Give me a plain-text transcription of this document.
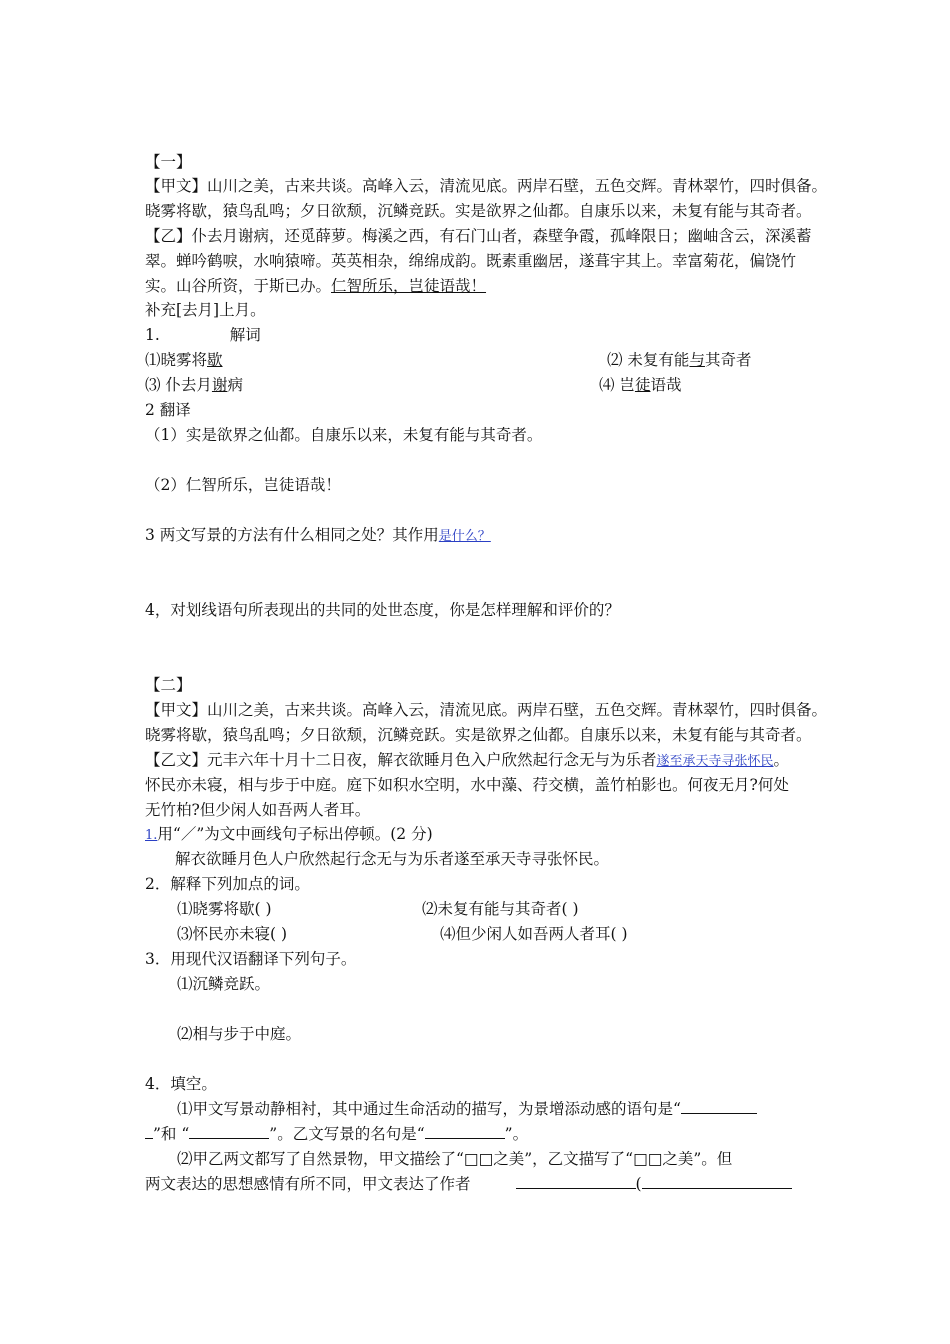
【一】
【甲文】山川之美，古来共谈。高峰入云，清流见底。两岸石壁，五色交辉。青林翠竹，四时俱备。
晓雾将歇，猿鸟乱鸣；夕日欲颓，沉鳞竞跃。实是欲界之仙都。自康乐以来，未复有能与其奇者。
【乙】仆去月谢病，还觅薛萝。梅溪之西，有石门山者，森壁争霞，孤峰限日；幽岫含云，深溪蓄
翠。蝉吟鹤唳，水响猿啼。英英相杂，绵绵成韵。既素重幽居，遂葺宇其上。幸富菊花，偏饶竹
实。山谷所资，于斯已办。仁智所乐，岂徒语哉！
补充[去月]上月。
1.	解词
⑴晓雾将歇	⑵ 未复有能与其奇者
⑶ 仆去月谢病	⑷ 岂徒语哉
2 翻译
（1）实是欲界之仙都。自康乐以来，未复有能与其奇者。
（2）仁智所乐，岂徒语哉！
3 两文写景的方法有什么相同之处？其作用是什么？
4，对划线语句所表现出的共同的处世态度，你是怎样理解和评价的？
【二】
【甲文】山川之美，古来共谈。高峰入云，清流见底。两岸石壁，五色交辉。青林翠竹，四时俱备。
晓雾将歇，猿鸟乱鸣；夕日欲颓，沉鳞竞跃。实是欲界之仙都。自康乐以来，未复有能与其奇者。
【乙文】元丰六年十月十二日夜，解衣欲睡月色入户欣然起行念无与为乐者遂至承天寺寻张怀民。
怀民亦未寝，相与步于中庭。庭下如积水空明，水中藻、荇交横，盖竹柏影也。何夜无月?何处
无竹柏?但少闲人如吾两人者耳。
1.用“／”为文中画线句子标出停顿。(2 分)
解衣欲睡月色人户欣然起行念无与为乐者遂至承天寺寻张怀民。
2．解释下列加点的词。
⑴晓雾将歇( )	⑵未复有能与其奇者( )
⑶怀民亦未寝( )	⑷但少闲人如吾两人者耳( )
3．用现代汉语翻译下列句子。
⑴沉鳞竞跃。
⑵相与步于中庭。
4．填空。
⑴甲文写景动静相衬，其中通过生命活动的描写，为景增添动感的语句是“
”和 “	”。乙文写景的名句是“	”。
⑵甲乙两文都写了自然景物，甲文描绘了“□□之美”，乙文描写了“□□之美”。但
两文表达的思想感情有所不同，甲文表达了作者	(
